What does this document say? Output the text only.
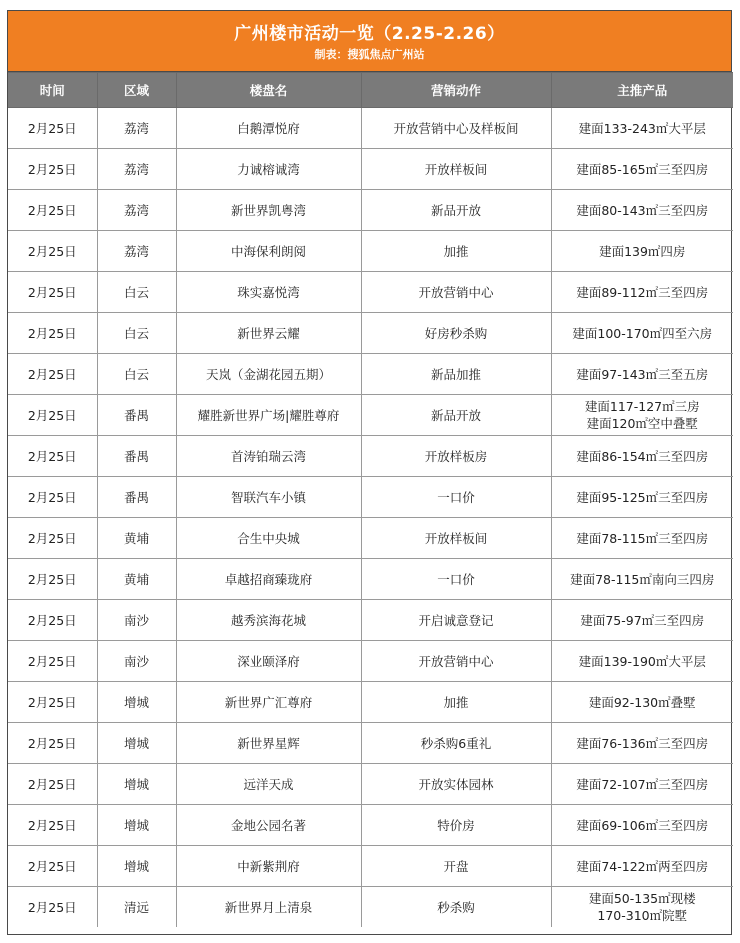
广州楼市活动一览（2.25-2.26）
制表：搜狐焦点广州站
时间	区域	楼盘名	营销动作	主推产品
2月25日	荔湾	白鹅潭悦府	开放营销中心及样板间	建面133-243㎡大平层

2月25日	荔湾	力诚榕诚湾	开放样板间	建面85-165㎡三至四房

2月25日	荔湾	新世界凯粤湾	新品开放	建面80-143㎡三至四房

2月25日	荔湾	中海保利朗阅	加推	建面139㎡四房

2月25日	白云	珠实嘉悦湾	开放营销中心	建面89-112㎡三至四房

2月25日	白云	新世界云耀	好房秒杀购	建面100-170㎡四至六房

2月25日	白云	天岚（金湖花园五期）	新品加推	建面97-143㎡三至五房

2月25日	番禺	耀胜新世界广场|耀胜尊府	新品开放	建面117-127㎡三房
建面120㎡空中叠墅

2月25日	番禺	首涛铂瑞云湾	开放样板房	建面86-154㎡三至四房

2月25日	番禺	智联汽车小镇	一口价	建面95-125㎡三至四房

2月25日	黄埔	合生中央城	开放样板间	建面78-115㎡三至四房

2月25日	黄埔	卓越招商臻珑府	一口价	建面78-115㎡南向三四房

2月25日	南沙	越秀滨海花城	开启诚意登记	建面75-97㎡三至四房

2月25日	南沙	深业颐泽府	开放营销中心	建面139-190㎡大平层

2月25日	增城	新世界广汇尊府	加推	建面92-130㎡叠墅

2月25日	增城	新世界星辉	秒杀购6重礼	建面76-136㎡三至四房

2月25日	增城	远洋天成	开放实体园林	建面72-107㎡三至四房

2月25日	增城	金地公园名著	特价房	建面69-106㎡三至四房

2月25日	增城	中新紫荆府	开盘	建面74-122㎡两至四房

2月25日	清远	新世界月上清泉	秒杀购	建面50-135㎡现楼
170-310㎡院墅
